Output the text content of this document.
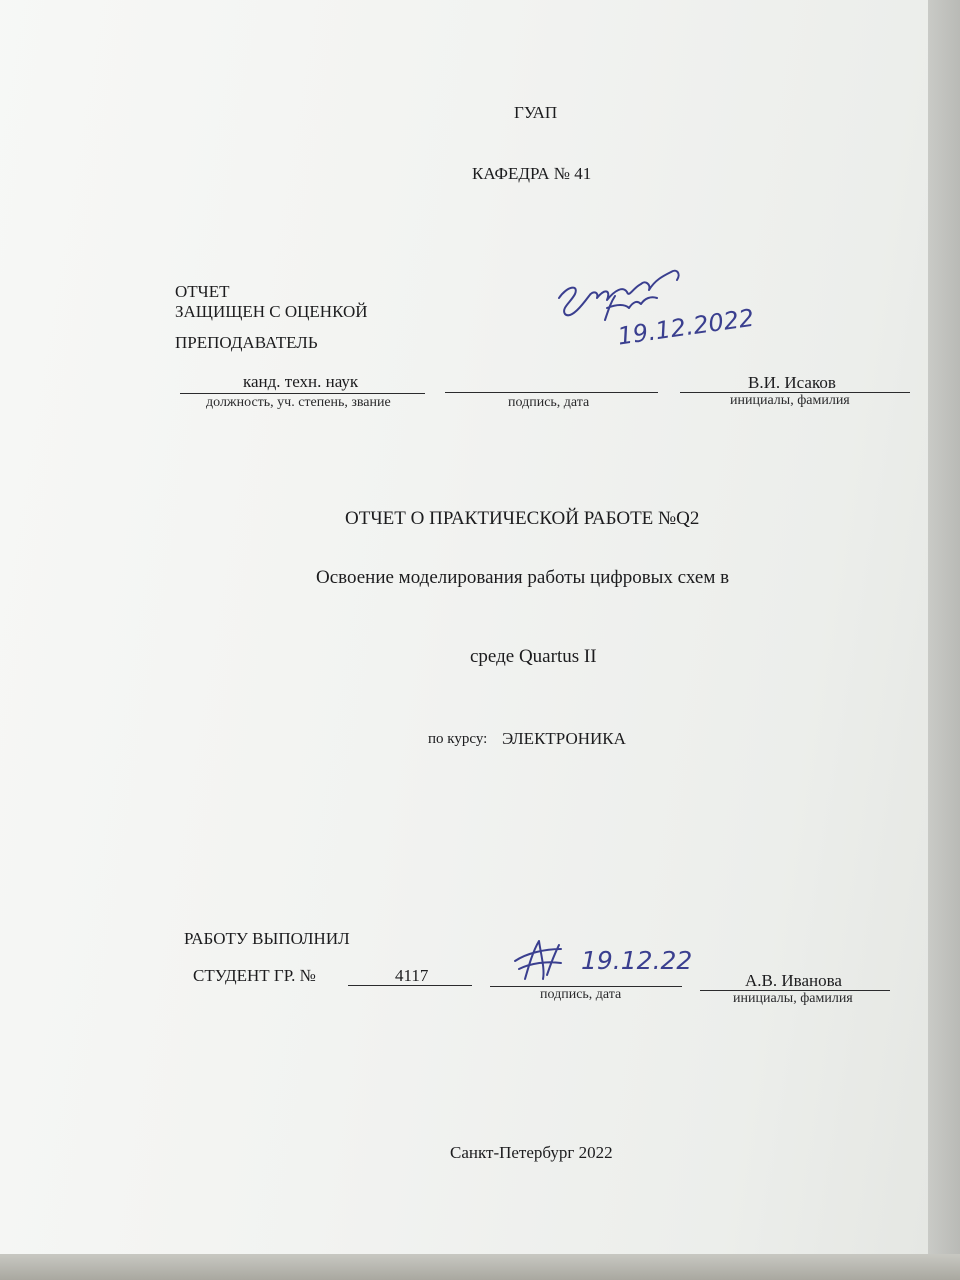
ГУАП
КАФЕДРА № 41
ОТЧЕТ
ЗАЩИЩЕН С ОЦЕНКОЙ
ПРЕПОДАВАТЕЛЬ	19.12.2022
канд. техн. наук
должность, уч. степень, звание	подпись, дата
В.И. Исаков
инициалы, фамилия
ОТЧЕТ О ПРАКТИЧЕСКОЙ РАБОТЕ №Q2
Освоение моделирования работы цифровых схем в
среде Quartus II
по курсу: ЭЛЕКТРОНИКА
РАБОТУ ВЫПОЛНИЛ
СТУДЕНТ ГР. №	4117
19.12.22
подпись, дата
А.В. Иванова
инициалы, фамилия
Санкт-Петербург 2022
